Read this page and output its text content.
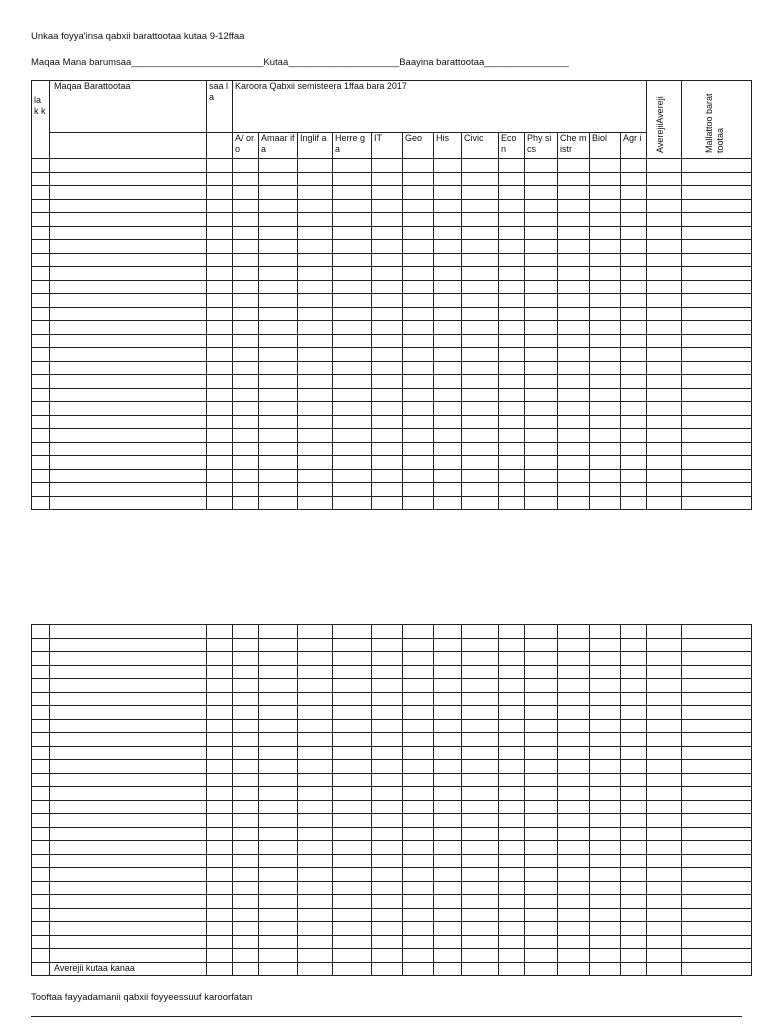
Unkaa foyya'insa qabxii barattootaa kutaa 9-12ffaa
Maqaa Mana barumsaa_________________________Kutaa_____________________Baayina barattootaa________________
la k k	Maqaa Barattootaa	saa la	Karoora Qabxii semisteera 1ffaa bara 2017													AverejiiAvereji	Mallattoo barattootaa

			A/ oro	Amaar ifa	Inglif a	Herre ga	IT	Geo	His	Civic	Eco n	Phy sics	Che mistr	Biol	Agr i		

	Averejii kutaa kanaa																
Tooftaa fayyadamanii qabxii foyyeessuuf karoorfatan
